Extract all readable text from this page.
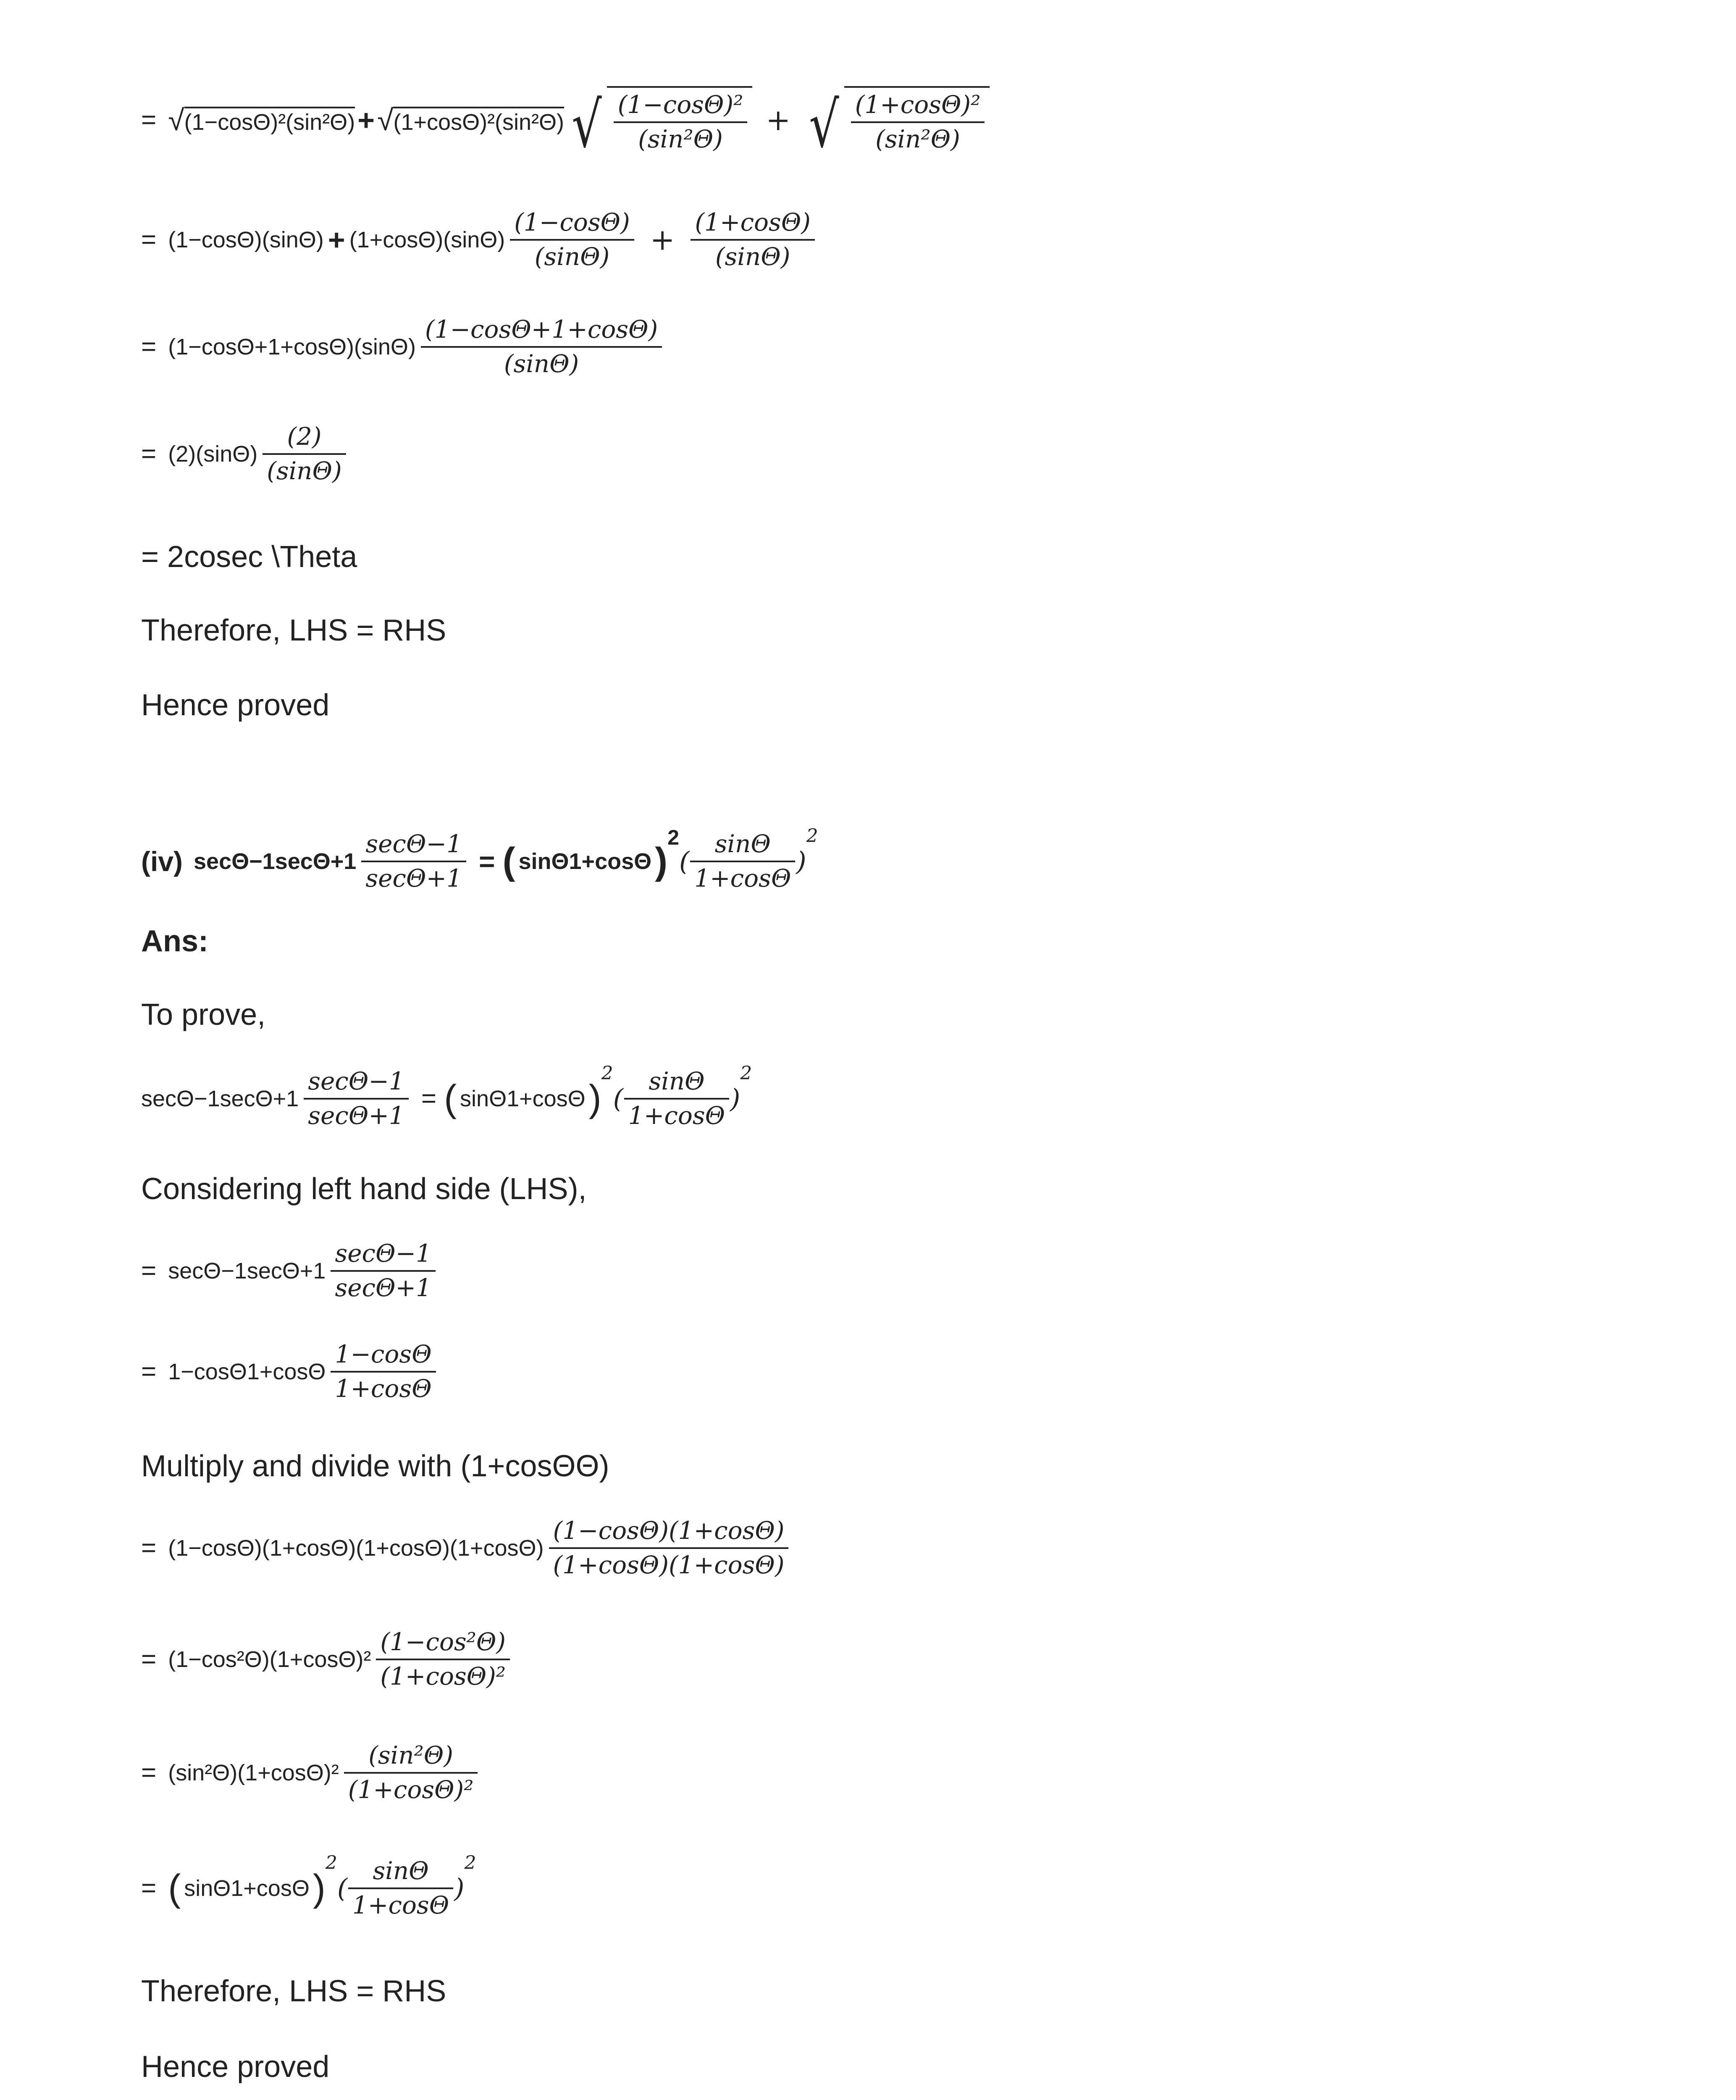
= √ (1−cosΘ)²(sin²Θ) + √ (1+cosΘ)²(sin²Θ) √ $\frac{\text{(1−cosΘ)²}}{\text{(sin²Θ)}}$ + √ $\frac{\text{(1+cosΘ)²}}{\text{(sin²Θ)}}$
= $(1-\cos\Theta)(\sin\Theta) + (1+\cos\Theta)(\sin\Theta) \frac{(1-\cos\Theta)}{(\sin\Theta)} + \frac{(1+\cos\Theta)}{(\sin\Theta)}$
= $(1-\cos\Theta+1+\cos\Theta)(\sin\Theta) \frac{(1-\cos\Theta+1+\cos\Theta)}{(\sin\Theta)}$
= $(2)(\sin\Theta) \frac{(2)}{(\sin\Theta)}$
= 2cosec \Theta
Therefore, LHS = RHS
Hence proved
(iv) $\sec\Theta-1\sec\Theta+1 \frac{\sec\Theta-1}{\sec\Theta+1}$ = ( sinΘ1+cosΘ )
$^2$
( $\frac{\sin\Theta}{1+\cos\Theta}$ )
2
Ans:
To prove,
$\sec\Theta-1\sec\Theta+1 \frac{\sec\Theta-1}{\sec\Theta+1}$ = ( sinΘ1+cosΘ )
2
( $\frac{\sin\Theta}{1+\cos\Theta}$ )
2
Considering left hand side (LHS),
= $\sec\Theta-1\sec\Theta+1 \frac{\sec\Theta-1}{\sec\Theta+1}$
= $1-\cos\Theta 1+\cos\Theta \frac{1-\cos\Theta}{1+\cos\Theta}$
Multiply and divide with (1+cosΘΘ)
= $(1-\cos\Theta)(1+\cos\Theta)(1+\cos\Theta)(1+\cos\Theta) \frac{(1-\cos\Theta)(1+\cos\Theta)}{(1+\cos\Theta)(1+\cos\Theta)}$
= $(1-\cos^2\Theta)(1+\cos\Theta)^2 \frac{\text{(1−cos²Θ)}}{\text{(1+cosΘ)²}}$
= $(\sin^2\Theta)(1+\cos\Theta)^2 \frac{\text{(sin²Θ)}}{\text{(1+cosΘ)²}}$
= ( sinΘ1+cosΘ )
2
( $\frac{\sin\Theta}{1+\cos\Theta}$ )
2
Therefore, LHS = RHS
Hence proved
